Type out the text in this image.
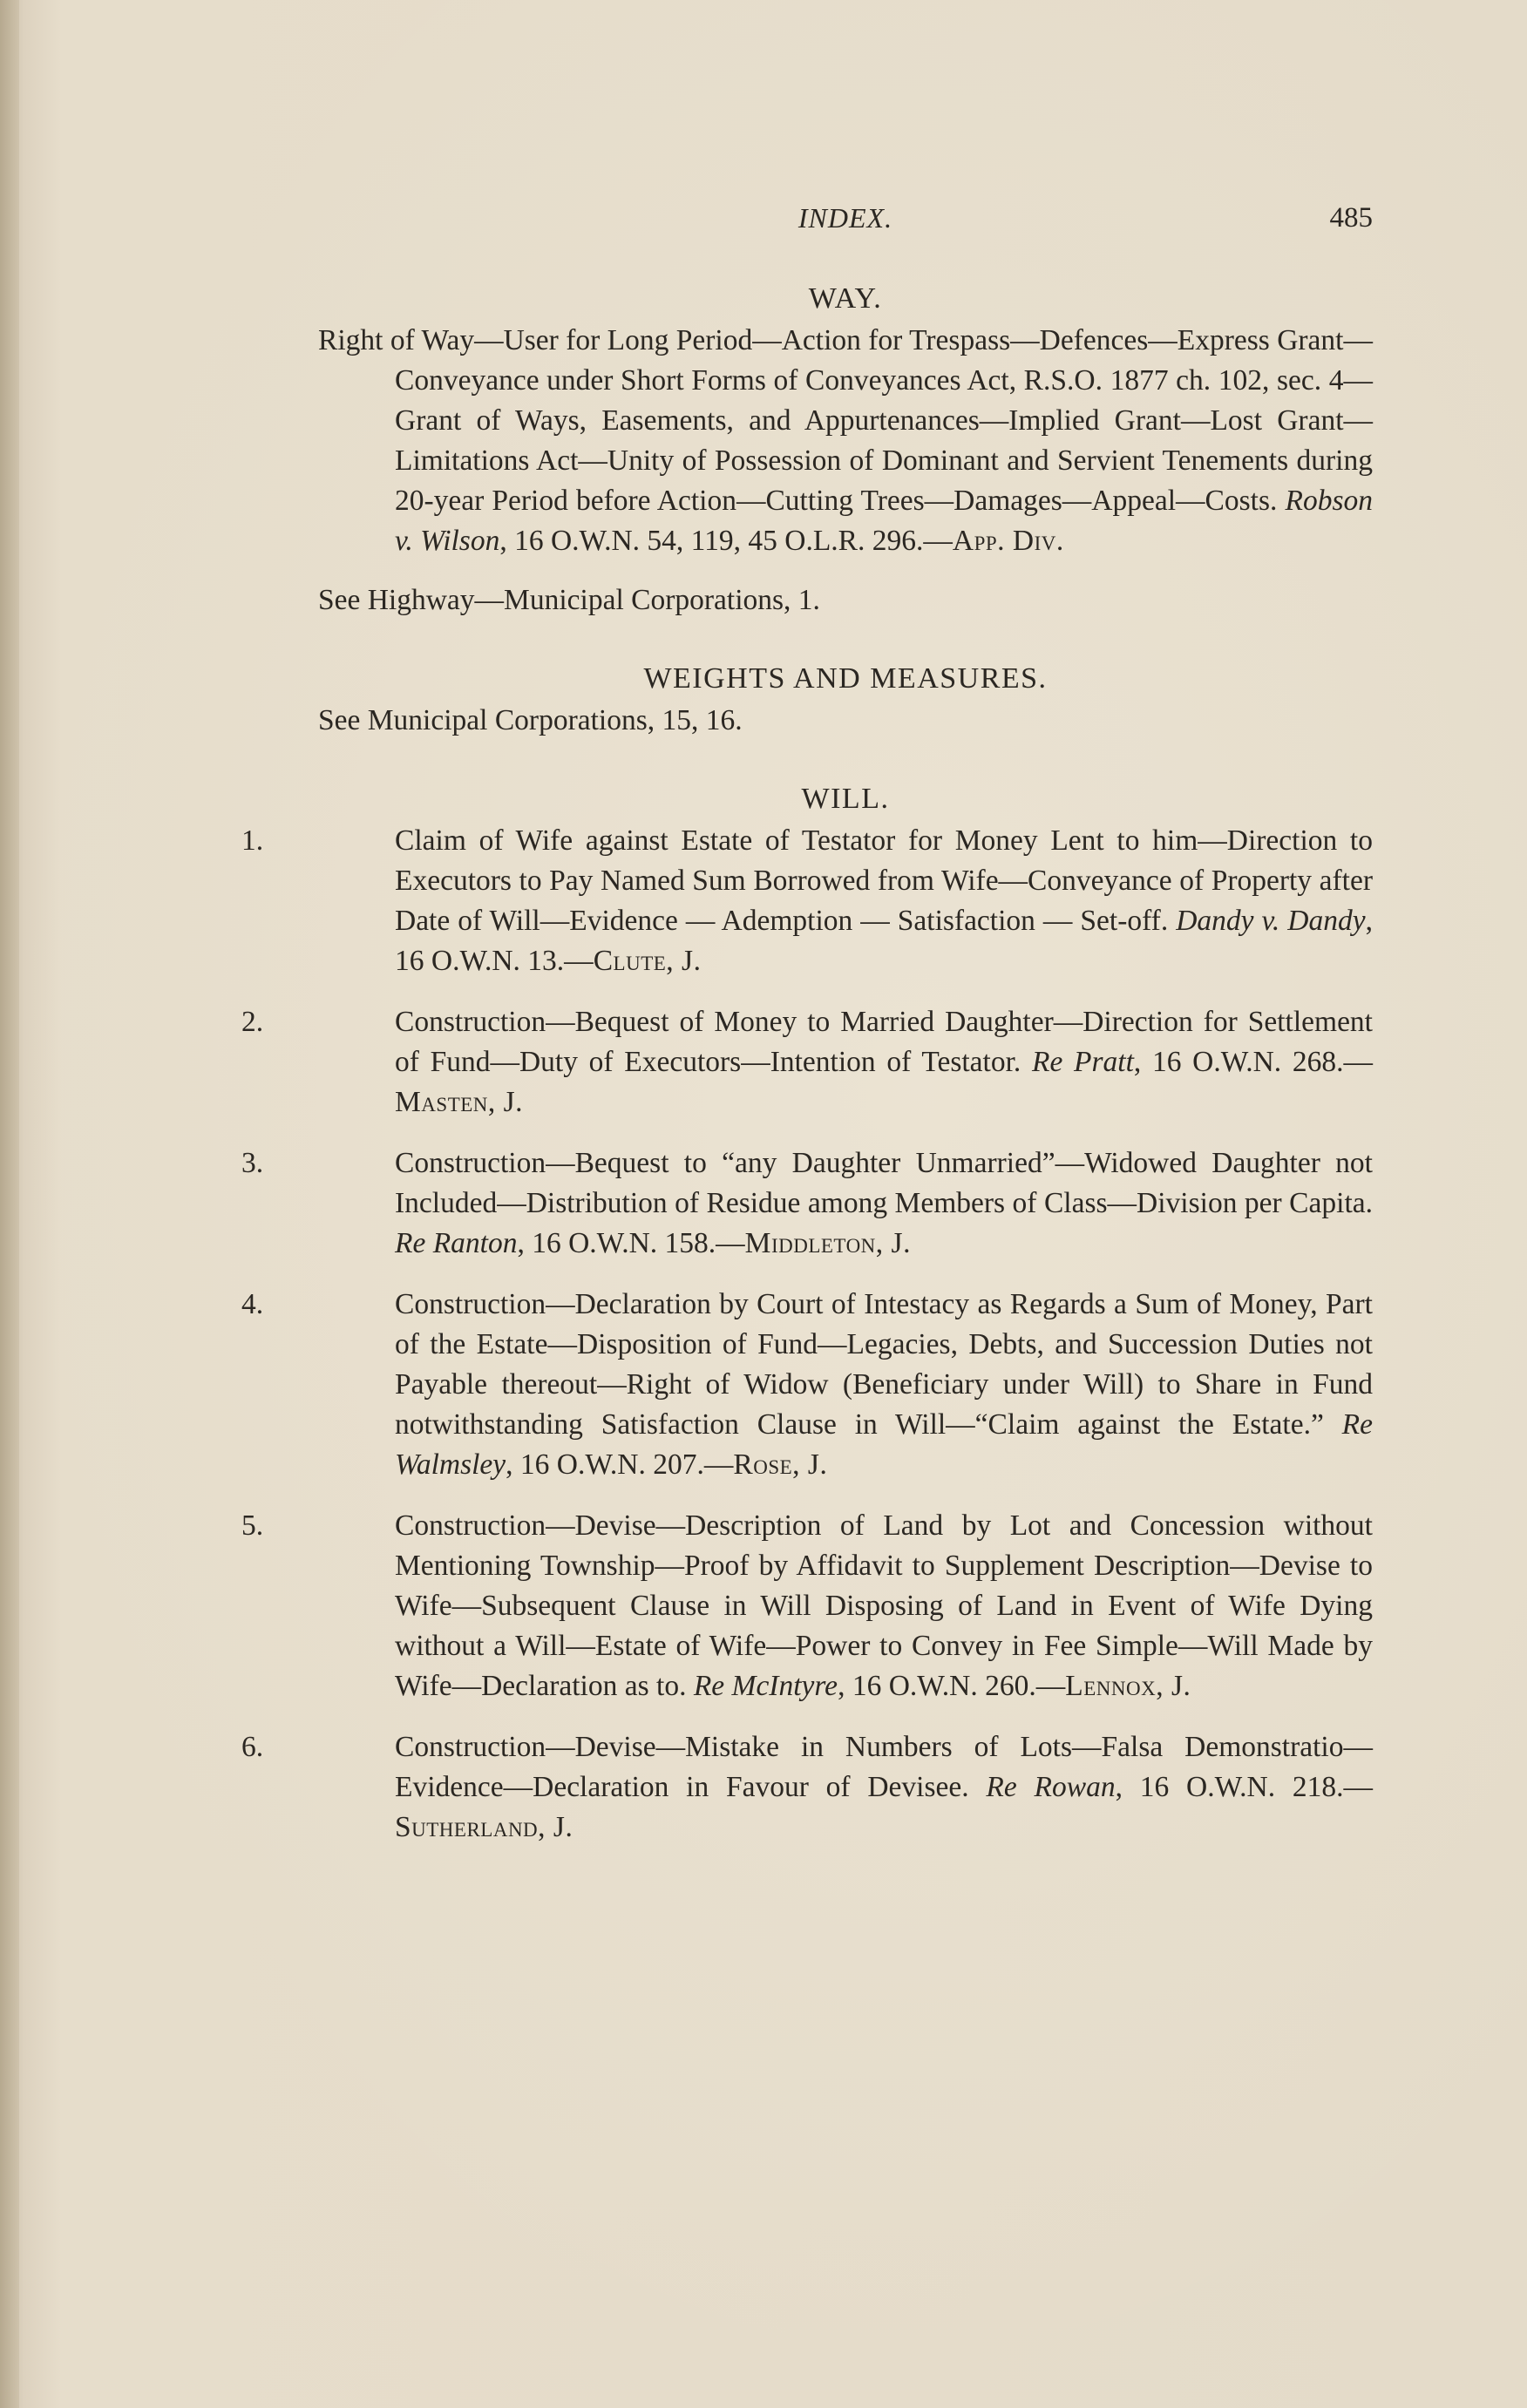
INDEX.	485
WAY.

Right of Way—User for Long Period—Action for Trespass—Defences—Express Grant—Conveyance under Short Forms of Conveyances Act, R.S.O. 1877 ch. 102, sec. 4—Grant of Ways, Easements, and Appurtenances—Implied Grant—Lost Grant—Limitations Act—Unity of Possession of Dominant and Servient Tenements during 20-year Period before Action—Cutting Trees—Damages—Appeal—Costs. Robson v. Wilson, 16 O.W.N. 54, 119, 45 O.L.R. 296.—App. Div.

See Highway—Municipal Corporations, 1.

WEIGHTS AND MEASURES.

See Municipal Corporations, 15, 16.

WILL.

1.	Claim of Wife against Estate of Testator for Money Lent to him—Direction to Executors to Pay Named Sum Borrowed from Wife—Conveyance of Property after Date of Will—Evidence — Ademption — Satisfaction — Set-off. Dandy v. Dandy, 16 O.W.N. 13.—Clute, J.

2.	Construction—Bequest of Money to Married Daughter—Direction for Settlement of Fund—Duty of Executors—Intention of Testator. Re Pratt, 16 O.W.N. 268.—Masten, J.

3.	Construction—Bequest to “any Daughter Unmarried”—Widowed Daughter not Included—Distribution of Residue among Members of Class—Division per Capita. Re Ranton, 16 O.W.N. 158.—Middleton, J.

4.	Construction—Declaration by Court of Intestacy as Regards a Sum of Money, Part of the Estate—Disposition of Fund—Legacies, Debts, and Succession Duties not Payable thereout—Right of Widow (Beneficiary under Will) to Share in Fund notwithstanding Satisfaction Clause in Will—“Claim against the Estate.” Re Walmsley, 16 O.W.N. 207.—Rose, J.

5.	Construction—Devise—Description of Land by Lot and Concession without Mentioning Township—Proof by Affidavit to Supplement Description—Devise to Wife—Subsequent Clause in Will Disposing of Land in Event of Wife Dying without a Will—Estate of Wife—Power to Convey in Fee Simple—Will Made by Wife—Declaration as to. Re McIntyre, 16 O.W.N. 260.—Lennox, J.

6.	Construction—Devise—Mistake in Numbers of Lots—Falsa Demonstratio—Evidence—Declaration in Favour of Devisee. Re Rowan, 16 O.W.N. 218.—Sutherland, J.
